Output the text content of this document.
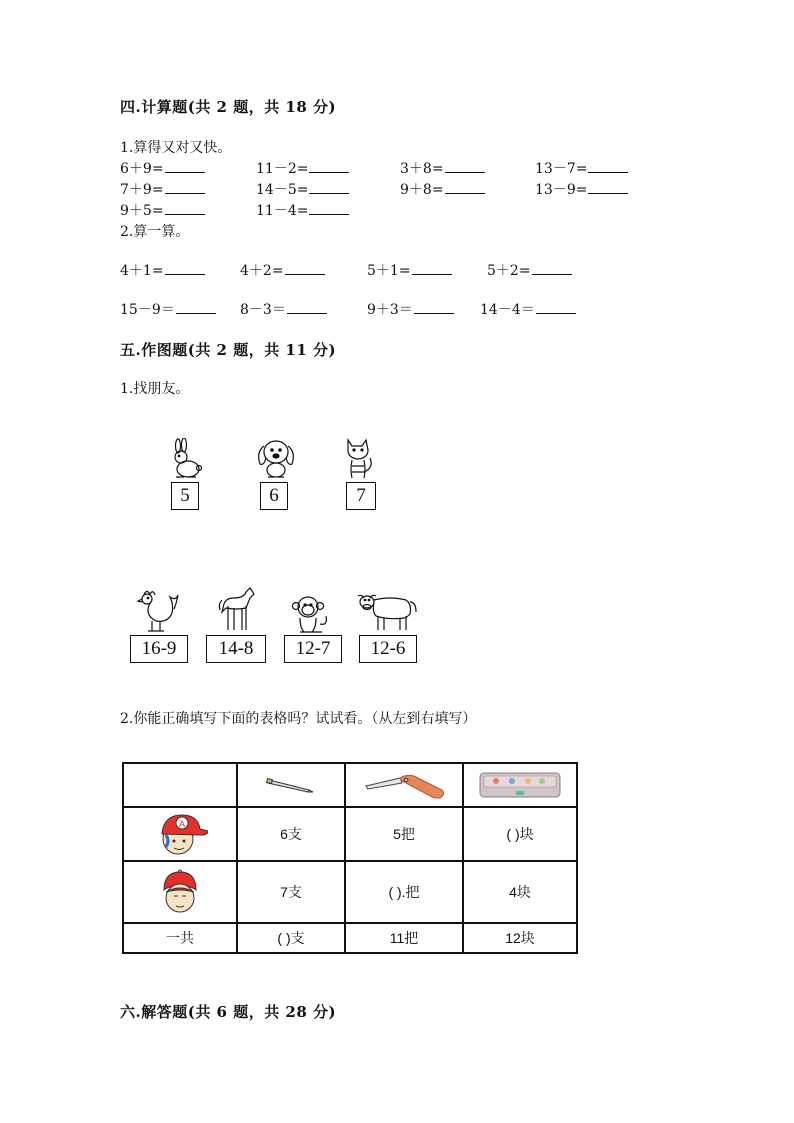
四.计算题(共 2 题，共 18 分)
1.算得又对又快。
6＋9=	11－2=	3＋8=	13－7=
7＋9=	14－5=	9＋8=	13－9=
9＋5=	11－4=
2.算一算。
4＋1=	4＋2=	5＋1=	5＋2=
15－9＝	8－3＝	9＋3＝	14－4＝
五.作图题(共 2 题，共 11 分)
1.找朋友。
5	6	7
16-9	14-8	12-7	12-6
2.你能正确填写下面的表格吗？试试看。（从左到右填写）

A	6支	5把	( )块

	7支	( ).把	4块
一共	( )支	11把	12块
六.解答题(共 6 题，共 28 分)
